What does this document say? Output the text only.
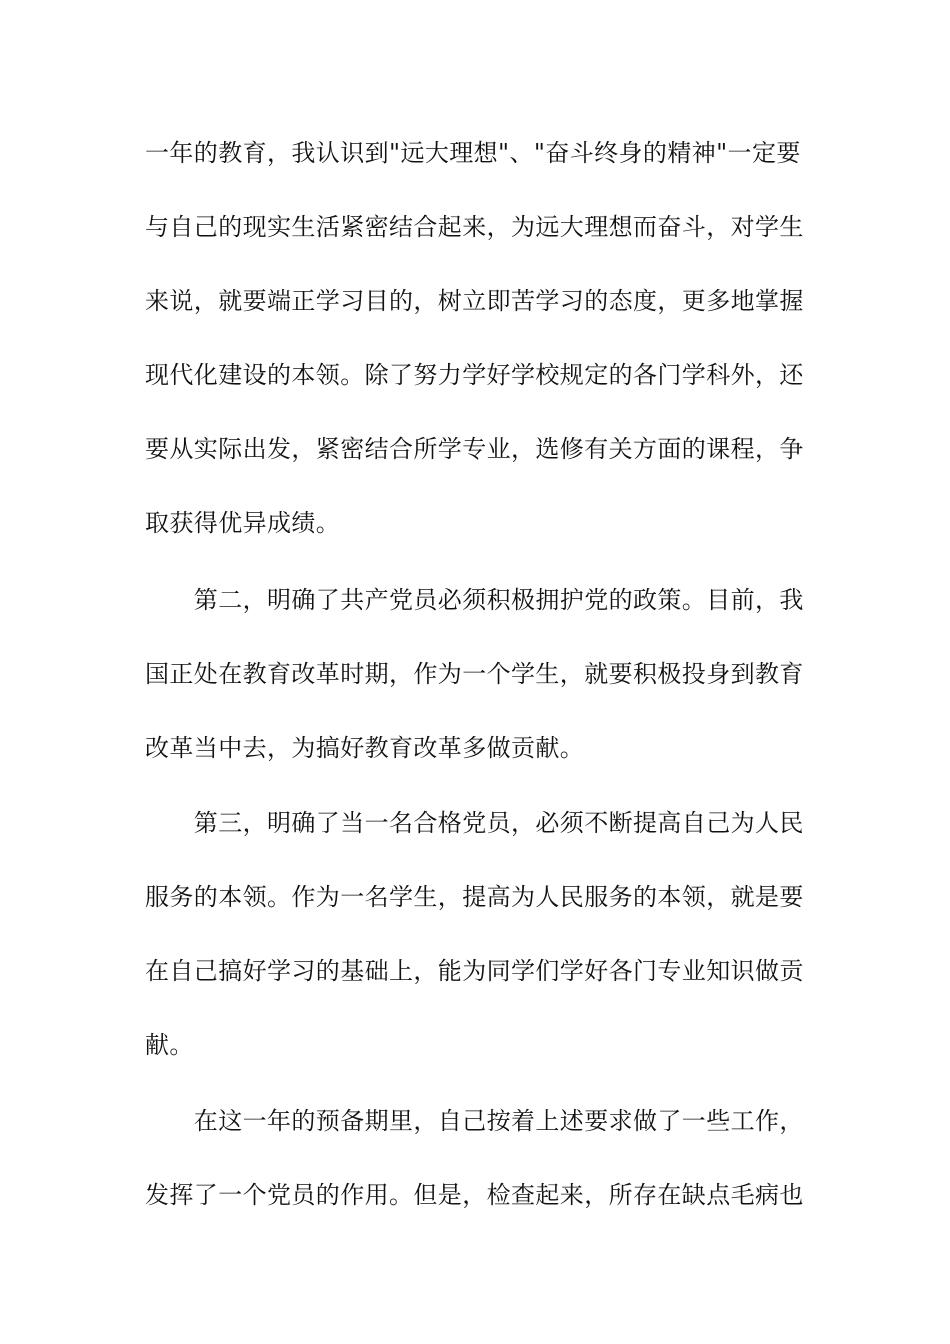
一年的教育，我认识到"远大理想"、"奋斗终身的精神"一定要
与自己的现实生活紧密结合起来，为远大理想而奋斗，对学生
来说，就要端正学习目的，树立即苦学习的态度，更多地掌握
现代化建设的本领。除了努力学好学校规定的各门学科外，还
要从实际出发，紧密结合所学专业，选修有关方面的课程，争
取获得优异成绩。
　　第二，明确了共产党员必须积极拥护党的政策。目前，我
国正处在教育改革时期，作为一个学生，就要积极投身到教育
改革当中去，为搞好教育改革多做贡献。
　　第三，明确了当一名合格党员，必须不断提高自己为人民
服务的本领。作为一名学生，提高为人民服务的本领，就是要
在自己搞好学习的基础上，能为同学们学好各门专业知识做贡
献。
　　在这一年的预备期里，自己按着上述要求做了一些工作，
发挥了一个党员的作用。但是，检查起来，所存在缺点毛病也
